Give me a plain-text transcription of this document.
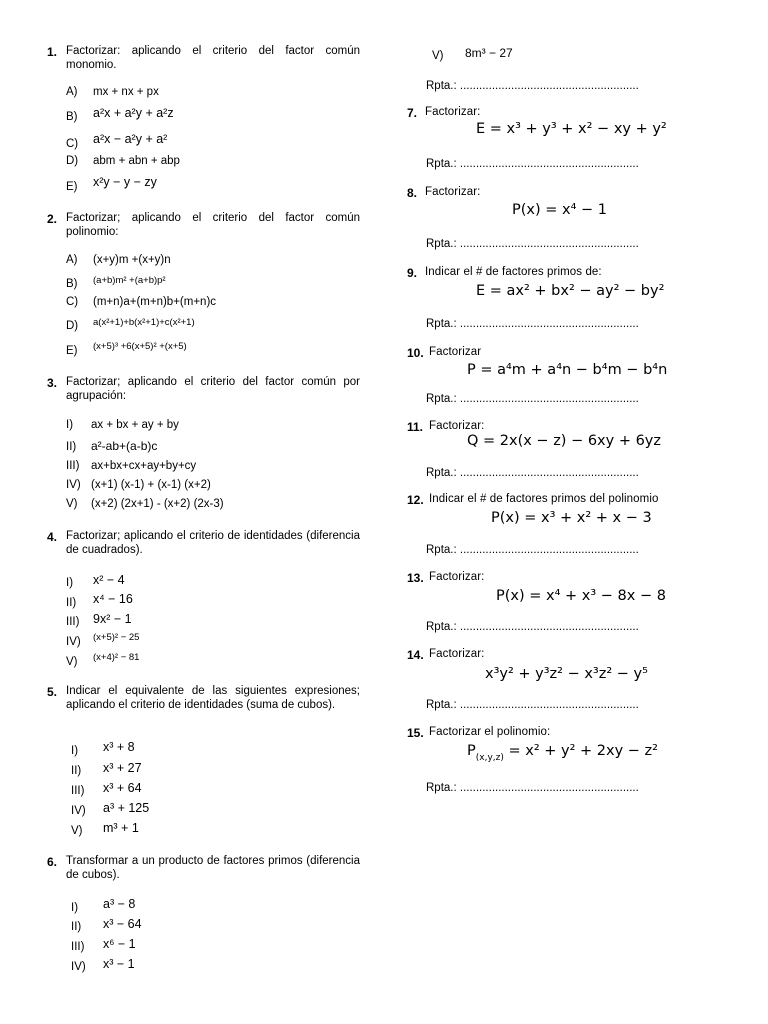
1. Factorizar: aplicando el criterio del factor común monomio.
A) mx + nx + px
B) a²x + a²y + a²z
C) a²x − a²y + a²
D) abm + abn + abp
E) x²y − y − zy
2. Factorizar; aplicando el criterio del factor común polinomio:
A) (x+y)m +(x+y)n
B) (a+b)m² +(a+b)p²
C) (m+n)a+(m+n)b+(m+n)c
D) a(x²+1)+b(x²+1)+c(x²+1)
E) (x+5)³ +6(x+5)² +(x+5)
3. Factorizar; aplicando el criterio del factor común por agrupación:
I) ax + bx + ay + by
II) a²-ab+(a-b)c
III) ax+bx+cx+ay+by+cy
IV) (x+1) (x-1) + (x-1) (x+2)
V) (x+2) (2x+1) - (x+2) (2x-3)
4. Factorizar; aplicando el criterio de identidades (diferencia de cuadrados).
I) x² − 4
II) x⁴ − 16
III) 9x² − 1
IV) (x+5)² − 25
V) (x+4)² − 81
5. Indicar el equivalente de las siguientes expresiones; aplicando el criterio de identidades (suma de cubos).
I) x³ + 8
II) x³ + 27
III) x³ + 64
IV) a³ + 125
V) m³ + 1
6. Transformar a un producto de factores primos (diferencia de cubos).
I) a³ − 8
II) x³ − 64
III) x⁶ − 1
IV) x³ − 1
V) 8m³ − 27
Rpta.: ........................................................
7. Factorizar:
E = x³ + y³ + x² − xy + y²
Rpta.: ........................................................
8. Factorizar:
P(x) = x⁴ − 1
Rpta.: ........................................................
9. Indicar el # de factores primos de:
E = ax² + bx² − ay² − by²
Rpta.: ........................................................
10. Factorizar
P = a⁴m + a⁴n − b⁴m − b⁴n
Rpta.: ........................................................
11. Factorizar:
Q = 2x(x − z) − 6xy + 6yz
Rpta.: ........................................................
12. Indicar el # de factores primos del polinomio
P(x) = x³ + x² + x − 3
Rpta.: ........................................................
13. Factorizar:
P(x) = x⁴ + x³ − 8x − 8
Rpta.: ........................................................
14. Factorizar:
x³y² + y³z² − x³z² − y⁵
Rpta.: ........................................................
15. Factorizar el polinomio:
$P_{(x,y,z)} = x^2 + y^2 + 2xy - z^2$
Rpta.: ........................................................
